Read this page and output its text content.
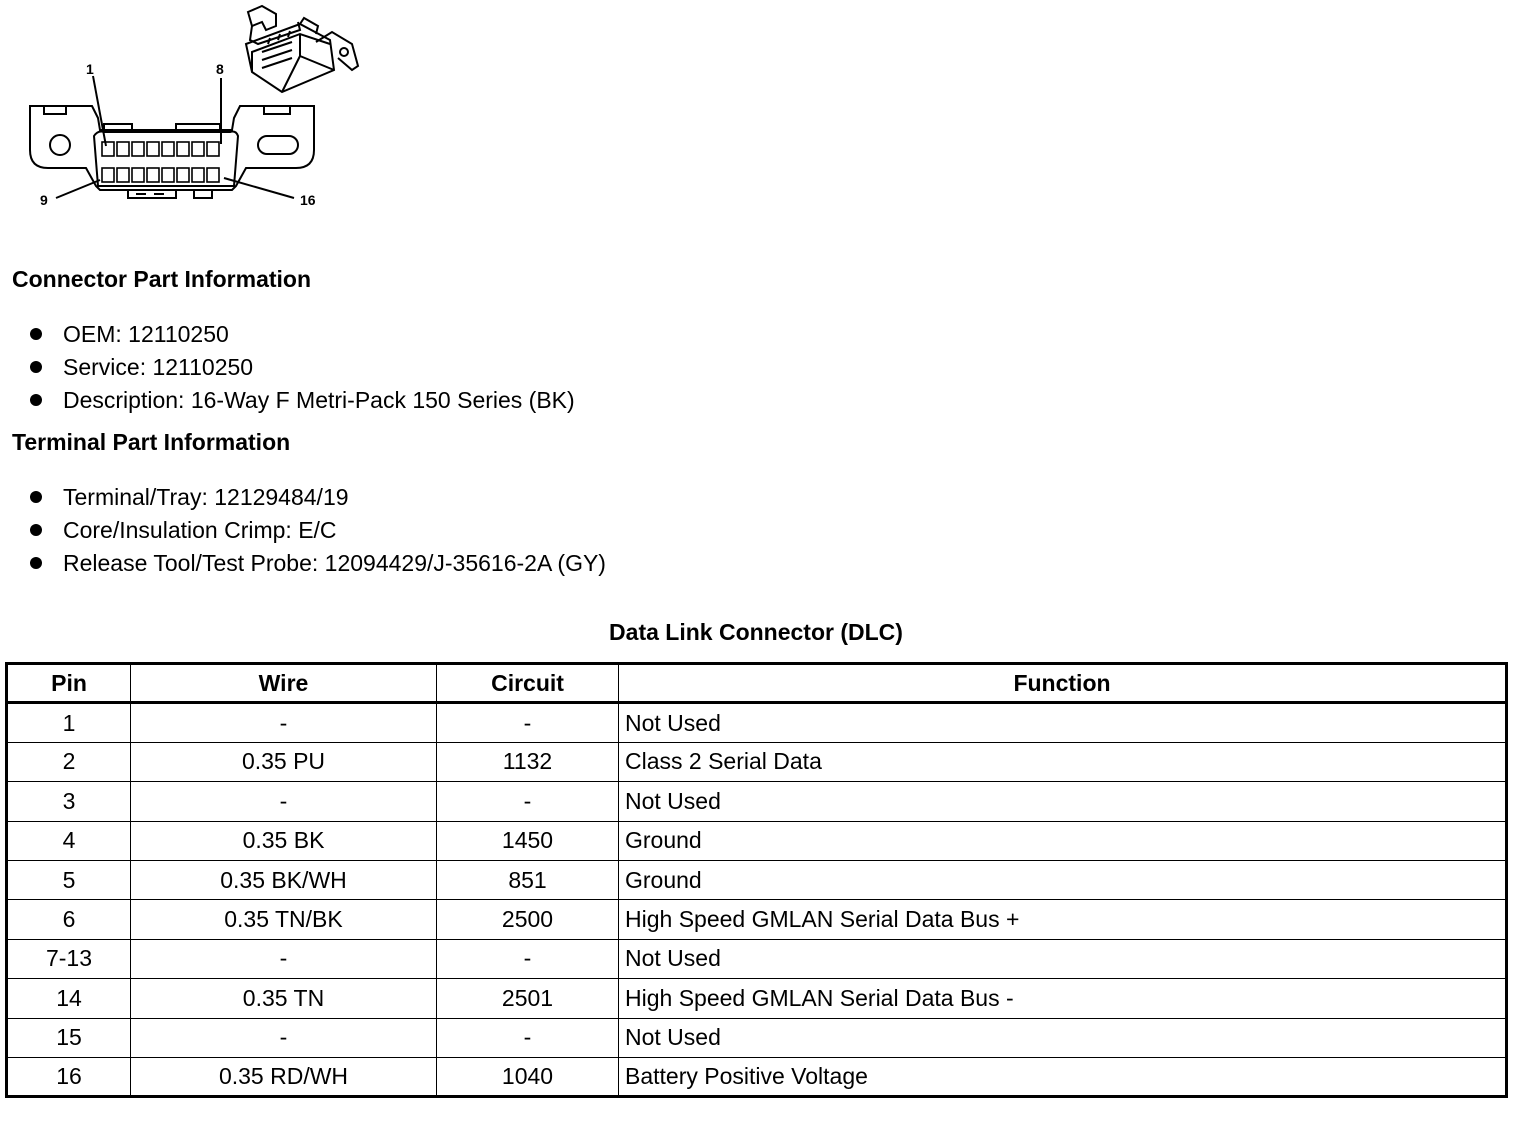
1	8
9	16
Connector Part Information
OEM: 12110250
Service: 12110250
Description: 16-Way F Metri-Pack 150 Series (BK)
Terminal Part Information
Terminal/Tray: 12129484/19
Core/Insulation Crimp: E/C
Release Tool/Test Probe: 12094429/J-35616-2A (GY)
Data Link Connector (DLC)
Pin	Wire	Circuit	Function
1	-	-	Not Used
2	0.35 PU	1132	Class 2 Serial Data
3	-	-	Not Used
4	0.35 BK	1450	Ground
5	0.35 BK/WH	851	Ground
6	0.35 TN/BK	2500	High Speed GMLAN Serial Data Bus +
7-13	-	-	Not Used
14	0.35 TN	2501	High Speed GMLAN Serial Data Bus -
15	-	-	Not Used
16	0.35 RD/WH	1040	Battery Positive Voltage
